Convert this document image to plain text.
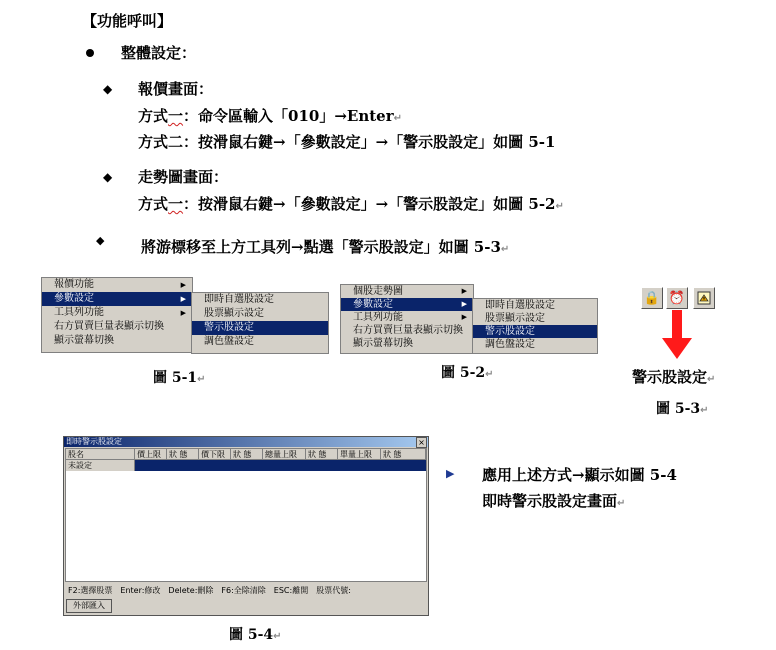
【功能呼叫】
整體設定：
◆ 報價畫面：
方式一：命令區輸入「010」→Enter↵
方式二：按滑鼠右鍵→「參數設定」→「警示股設定」如圖 5-1
◆ 走勢圖畫面：
方式一：按滑鼠右鍵→「參數設定」→「警示股設定」如圖 5-2↵
◆ 將游標移至上方工具列→點選「警示股設定」如圖 5-3↵
報價功能	▶
參數設定	▶
工具列功能	▶
右方買賣巨量表顯示切換
顯示螢幕切換
即時自選股設定
股票顯示設定
警示股設定
調色盤設定
圖 5-1↵
個股走勢圖	▶
參數設定	▶
工具列功能	▶
右方買賣巨量表顯示切換
顯示螢幕切換
即時自選股設定
股票顯示設定
警示股設定
調色盤設定
圖 5-2↵
🔒 ⏰
警示股設定↵
圖 5-3↵
即時警示股設定	×
股名	價上限	狀 態	價下限	狀 態	總量上限	狀 態	單量上限	狀 態
未設定
F2:選擇股票　Enter:修改　Delete:刪除　F6:全除清除　ESC:離開　股票代號:
外部匯入
圖 5-4↵
▶ 應用上述方式→顯示如圖 5-4
即時警示股設定畫面↵
